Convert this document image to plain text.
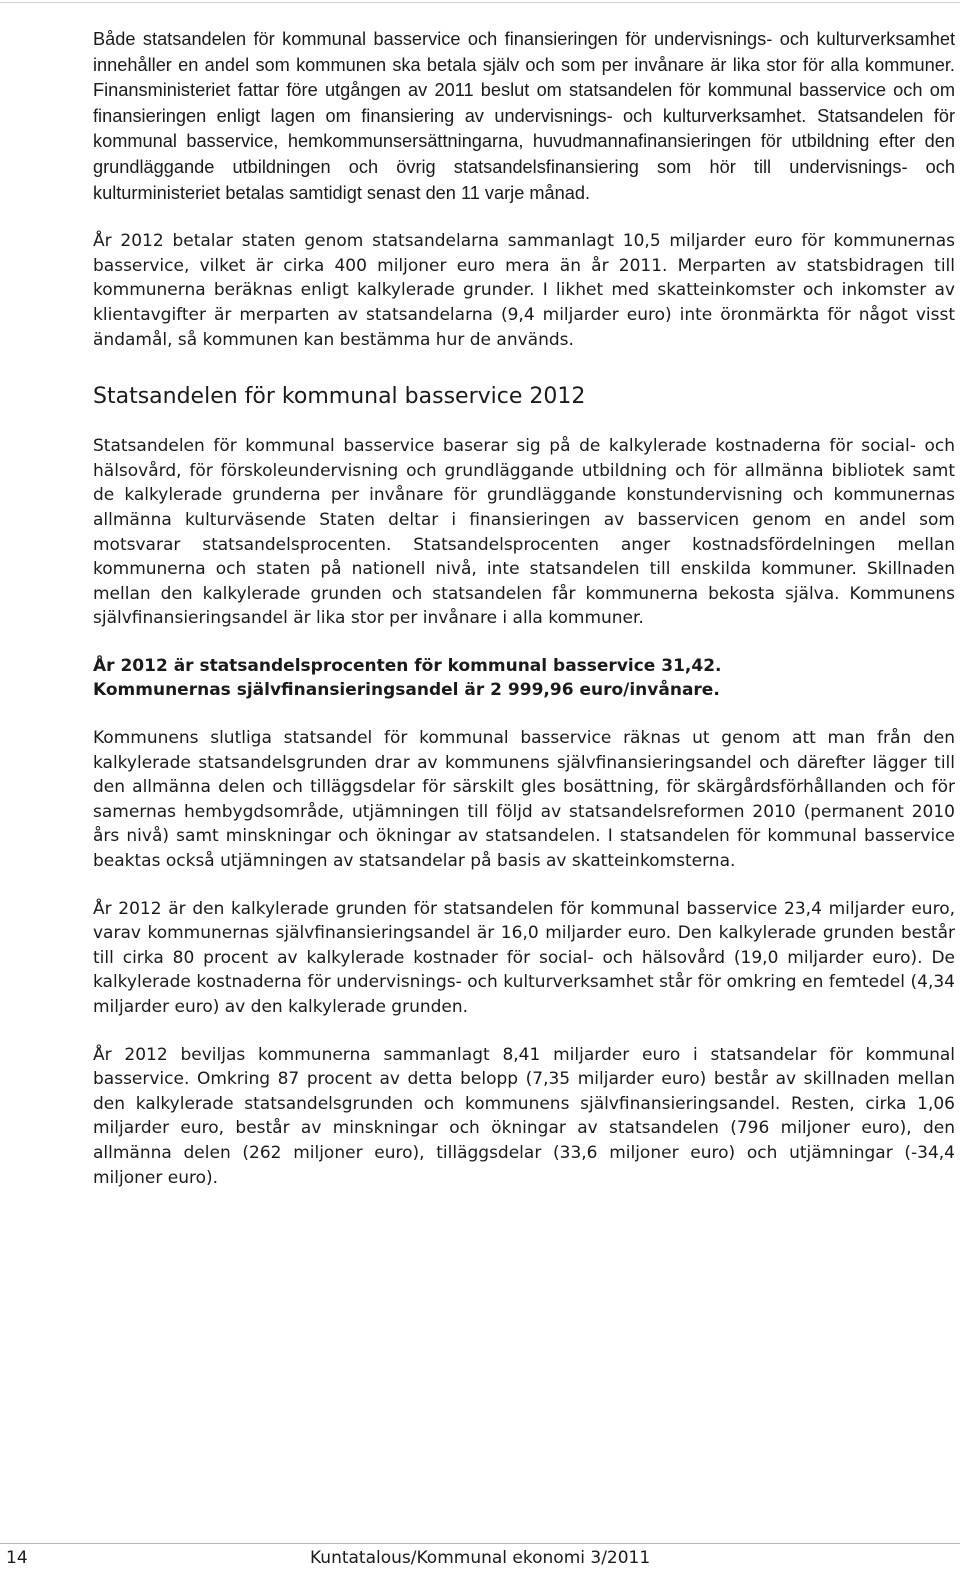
Både statsandelen för kommunal basservice och finansieringen för undervisnings- och kulturverksamhet innehåller en andel som kommunen ska betala själv och som per invånare är lika stor för alla kommuner. Finansministeriet fattar före utgången av 2011 beslut om statsandelen för kommunal basservice och om finansieringen enligt lagen om finansiering av undervisnings- och kulturverksamhet. Statsandelen för kommunal basservice, hemkommunsersättningarna, huvudmannafinansieringen för utbildning efter den grundläggande utbildningen och övrig statsandelsfinansiering som hör till undervisnings- och kulturministeriet betalas samtidigt senast den 11 varje månad.

År 2012 betalar staten genom statsandelarna sammanlagt 10,5 miljarder euro för kommunernas basservice, vilket är cirka 400 miljoner euro mera än år 2011. Merparten av statsbidragen till kommunerna beräknas enligt kalkylerade grunder. I likhet med skatteinkomster och inkomster av klientavgifter är merparten av statsandelarna (9,4 miljarder euro) inte öronmärkta för något visst ändamål, så kommunen kan bestämma hur de används.

Statsandelen för kommunal basservice 2012

Statsandelen för kommunal basservice baserar sig på de kalkylerade kostnaderna för social- och hälsovård, för förskoleundervisning och grundläggande utbildning och för allmänna bibliotek samt de kalkylerade grunderna per invånare för grundläggande konstundervisning och kommunernas allmänna kulturväsende Staten deltar i finansieringen av basservicen genom en andel som motsvarar statsandelsprocenten. Statsandelsprocenten anger kostnadsfördelningen mellan kommunerna och staten på nationell nivå, inte statsandelen till enskilda kommuner. Skillnaden mellan den kalkylerade grunden och statsandelen får kommunerna bekosta själva. Kommunens självfinansieringsandel är lika stor per invånare i alla kommuner.

År 2012 är statsandelsprocenten för kommunal basservice 31,42.
Kommunernas självfinansieringsandel är 2 999,96 euro/invånare.

Kommunens slutliga statsandel för kommunal basservice räknas ut genom att man från den kalkylerade statsandelsgrunden drar av kommunens självfinansieringsandel och därefter lägger till den allmänna delen och tilläggsdelar för särskilt gles bosättning, för skärgårdsförhållanden och för samernas hembygdsområde, utjämningen till följd av statsandelsreformen 2010 (permanent 2010 års nivå) samt minskningar och ökningar av statsandelen. I statsandelen för kommunal basservice beaktas också utjämningen av statsandelar på basis av skatteinkomsterna.

År 2012 är den kalkylerade grunden för statsandelen för kommunal basservice 23,4 miljarder euro, varav kommunernas självfinansieringsandel är 16,0 miljarder euro. Den kalkylerade grunden består till cirka 80 procent av kalkylerade kostnader för social- och hälsovård (19,0 miljarder euro). De kalkylerade kostnaderna för undervisnings- och kulturverksamhet står för omkring en femtedel (4,34 miljarder euro) av den kalkylerade grunden.

År 2012 beviljas kommunerna sammanlagt 8,41 miljarder euro i statsandelar för kommunal basservice. Omkring 87 procent av detta belopp (7,35 miljarder euro) består av skillnaden mellan den kalkylerade statsandelsgrunden och kommunens självfinansieringsandel. Resten, cirka 1,06 miljarder euro, består av minskningar och ökningar av statsandelen (796 miljoner euro), den allmänna delen (262 miljoner euro), tilläggsdelar (33,6 miljoner euro) och utjämningar (-34,4 miljoner euro).

14	Kuntatalous/Kommunal ekonomi 3/2011
